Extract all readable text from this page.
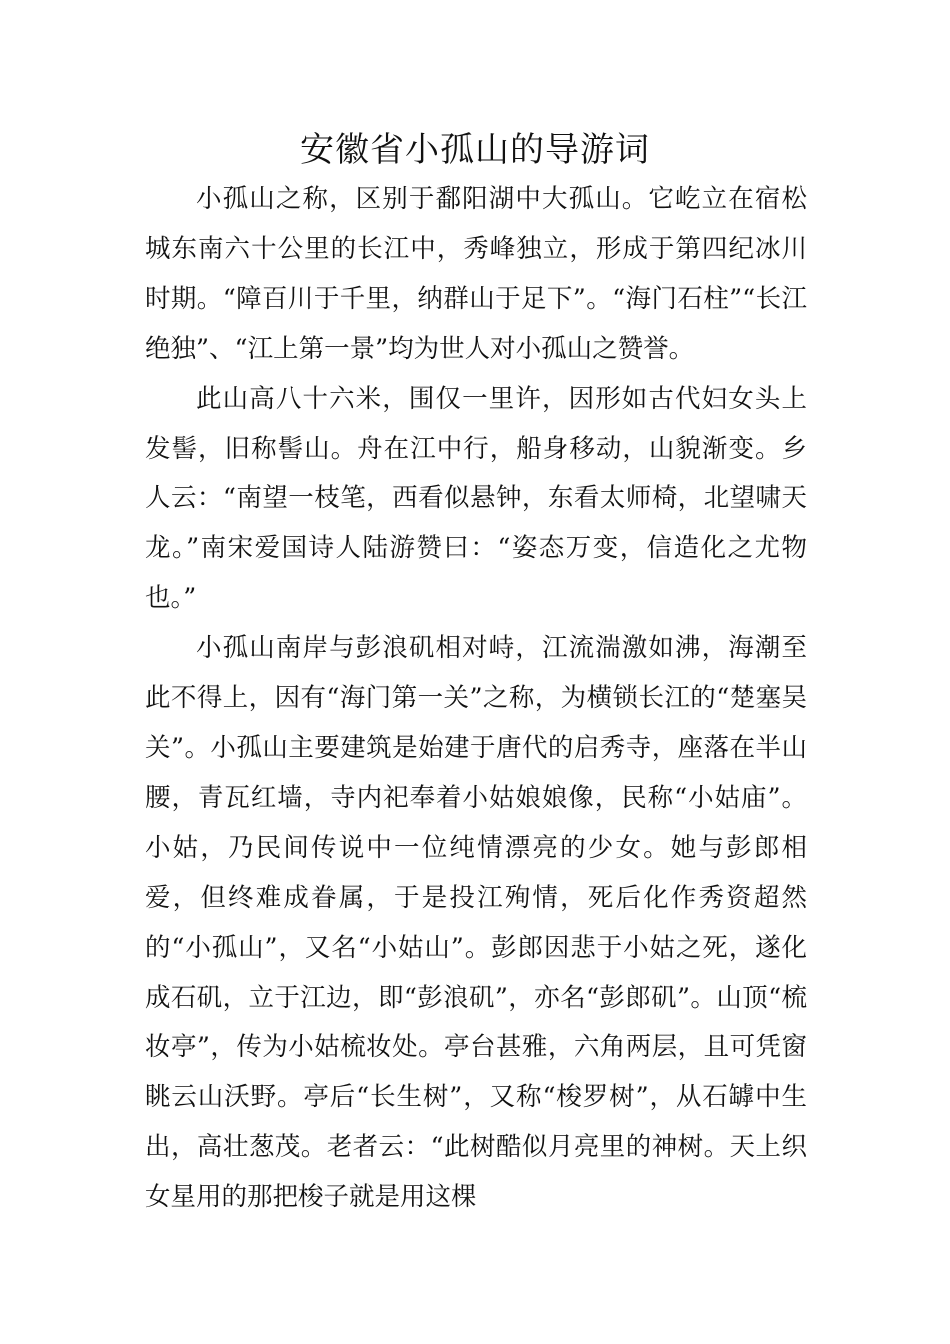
安徽省小孤山的导游词

小孤山之称，区别于鄱阳湖中大孤山。它屹立在宿松城东南六十公里的长江中，秀峰独立，形成于第四纪冰川时期。“障百川于千里，纳群山于足下”。“海门石柱”“长江绝独”、“江上第一景”均为世人对小孤山之赞誉。

此山高八十六米，围仅一里许，因形如古代妇女头上发髻，旧称髻山。舟在江中行，船身移动，山貌渐变。乡人云：“南望一枝笔，西看似悬钟，东看太师椅，北望啸天龙。”南宋爱国诗人陆游赞曰：“姿态万变，信造化之尤物也。”

小孤山南岸与彭浪矶相对峙，江流湍激如沸，海潮至此不得上，因有“海门第一关”之称，为横锁长江的“楚塞吴关”。小孤山主要建筑是始建于唐代的启秀寺，座落在半山腰，青瓦红墙，寺内祀奉着小姑娘娘像，民称“小姑庙”。小姑，乃民间传说中一位纯情漂亮的少女。她与彭郎相爱，但终难成眷属，于是投江殉情，死后化作秀资超然的“小孤山”，又名“小姑山”。彭郎因悲于小姑之死，遂化成石矶，立于江边，即“彭浪矶”，亦名“彭郎矶”。山顶“梳妆亭”，传为小姑梳妆处。亭台甚雅，六角两层，且可凭窗眺云山沃野。亭后“长生树”，又称“梭罗树”，从石罅中生出，高壮葱茂。老者云：“此树酷似月亮里的神树。天上织女星用的那把梭子就是用这棵
